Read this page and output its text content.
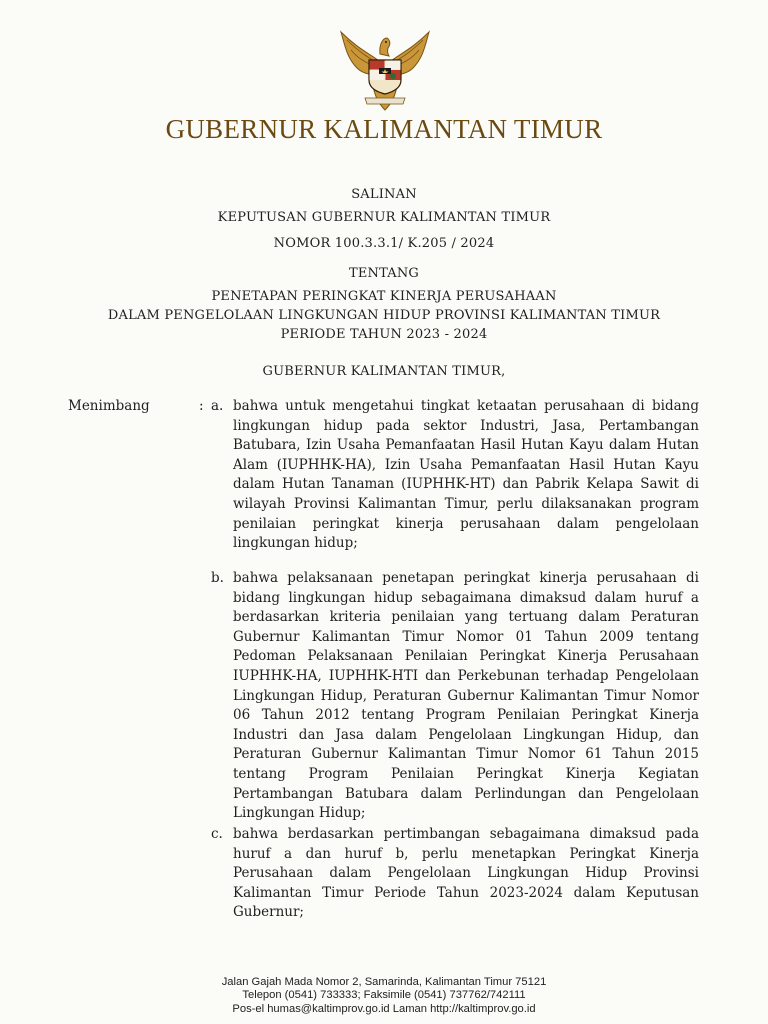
GUBERNUR KALIMANTAN TIMUR
SALINAN
KEPUTUSAN GUBERNUR KALIMANTAN TIMUR
NOMOR 100.3.3.1/ K.205 / 2024
TENTANG
PENETAPAN PERINGKAT KINERJA PERUSAHAAN
DALAM PENGELOLAAN LINGKUNGAN HIDUP PROVINSI KALIMANTAN TIMUR
PERIODE TAHUN 2023 - 2024
GUBERNUR KALIMANTAN TIMUR,
Menimbang	: a. bahwa untuk mengetahui tingkat ketaatan perusahaan di bidang lingkungan hidup pada sektor Industri, Jasa, Pertambangan Batubara, Izin Usaha Pemanfaatan Hasil Hutan Kayu dalam Hutan Alam (IUPHHK-HA), Izin Usaha Pemanfaatan Hasil Hutan Kayu dalam Hutan Tanaman (IUPHHK-HT) dan Pabrik Kelapa Sawit di wilayah Provinsi Kalimantan Timur, perlu dilaksanakan program penilaian peringkat kinerja perusahaan dalam pengelolaan lingkungan hidup;
b. bahwa pelaksanaan penetapan peringkat kinerja perusahaan di bidang lingkungan hidup sebagaimana dimaksud dalam huruf a berdasarkan kriteria penilaian yang tertuang dalam Peraturan Gubernur Kalimantan Timur Nomor 01 Tahun 2009 tentang Pedoman Pelaksanaan Penilaian Peringkat Kinerja Perusahaan IUPHHK-HA, IUPHHK-HTI dan Perkebunan terhadap Pengelolaan Lingkungan Hidup, Peraturan Gubernur Kalimantan Timur Nomor 06 Tahun 2012 tentang Program Penilaian Peringkat Kinerja Industri dan Jasa dalam Pengelolaan Lingkungan Hidup, dan Peraturan Gubernur Kalimantan Timur Nomor 61 Tahun 2015 tentang Program Penilaian Peringkat Kinerja Kegiatan Pertambangan Batubara dalam Perlindungan dan Pengelolaan Lingkungan Hidup;
c. bahwa berdasarkan pertimbangan sebagaimana dimaksud pada huruf a dan huruf b, perlu menetapkan Peringkat Kinerja Perusahaan dalam Pengelolaan Lingkungan Hidup Provinsi Kalimantan Timur Periode Tahun 2023-2024 dalam Keputusan Gubernur;
Jalan Gajah Mada Nomor 2, Samarinda, Kalimantan Timur 75121
Telepon (0541) 733333; Faksimile (0541) 737762/742111
Pos-el humas@kaltimprov.go.id Laman http://kaltimprov.go.id
